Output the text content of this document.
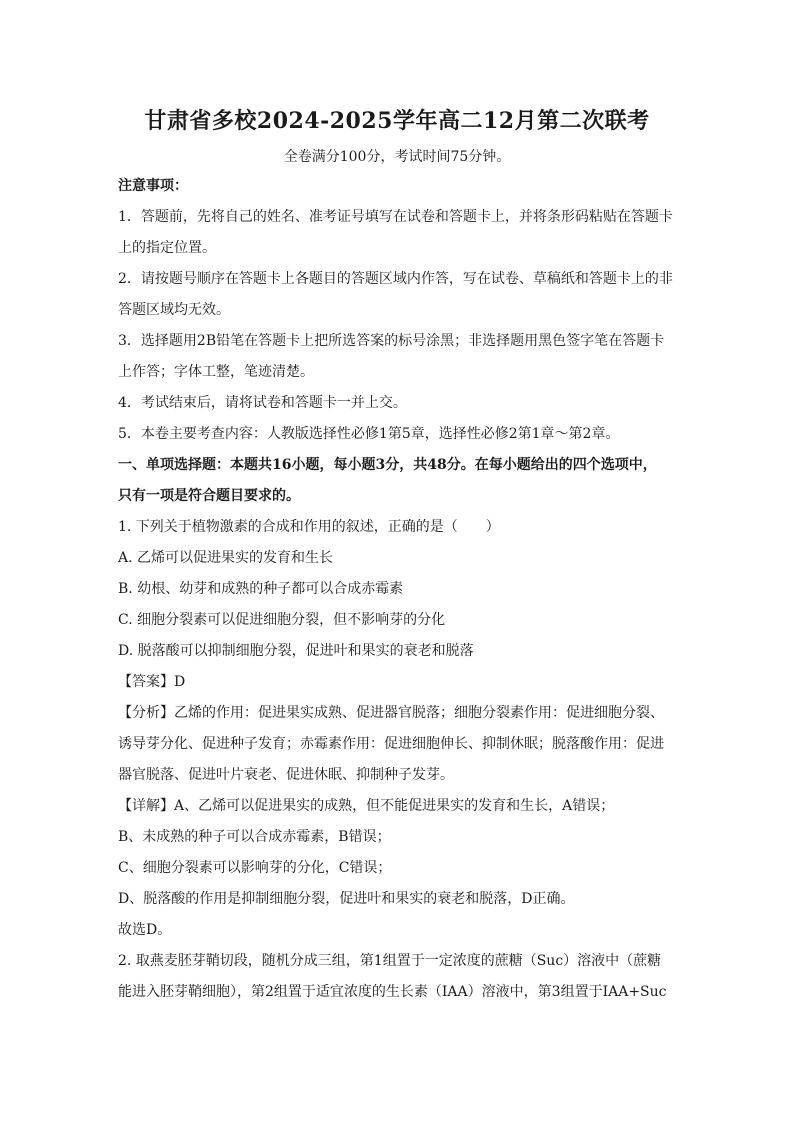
甘肃省多校2024-2025学年高二12月第二次联考
全卷满分100分，考试时间75分钟。
注意事项：
1．答题前，先将自己的姓名、准考证号填写在试卷和答题卡上，并将条形码粘贴在答题卡
上的指定位置。
2．请按题号顺序在答题卡上各题目的答题区域内作答，写在试卷、草稿纸和答题卡上的非
答题区域均无效。
3．选择题用2B铅笔在答题卡上把所选答案的标号涂黑；非选择题用黑色签字笔在答题卡
上作答；字体工整，笔迹清楚。
4．考试结束后，请将试卷和答题卡一并上交。
5．本卷主要考查内容：人教版选择性必修1第5章，选择性必修2第1章～第2章。
一、单项选择题：本题共16小题，每小题3分，共48分。在每小题给出的四个选项中，
只有一项是符合题目要求的。
1. 下列关于植物激素的合成和作用的叙述，正确的是（　　）
A. 乙烯可以促进果实的发育和生长
B. 幼根、幼芽和成熟的种子都可以合成赤霉素
C. 细胞分裂素可以促进细胞分裂，但不影响芽的分化
D. 脱落酸可以抑制细胞分裂，促进叶和果实的衰老和脱落
【答案】D
【分析】乙烯的作用：促进果实成熟、促进器官脱落；细胞分裂素作用：促进细胞分裂、
诱导芽分化、促进种子发育；赤霉素作用：促进细胞伸长、抑制休眠；脱落酸作用：促进
器官脱落、促进叶片衰老、促进休眠、抑制种子发芽。
【详解】A、乙烯可以促进果实的成熟，但不能促进果实的发育和生长，A错误；
B、未成熟的种子可以合成赤霉素，B错误；
C、细胞分裂素可以影响芽的分化，C错误；
D、脱落酸的作用是抑制细胞分裂，促进叶和果实的衰老和脱落，D正确。
故选D。
2. 取燕麦胚芽鞘切段，随机分成三组，第1组置于一定浓度的蔗糖（Suc）溶液中（蔗糖
能进入胚芽鞘细胞），第2组置于适宜浓度的生长素（IAA）溶液中，第3组置于IAA+Suc
